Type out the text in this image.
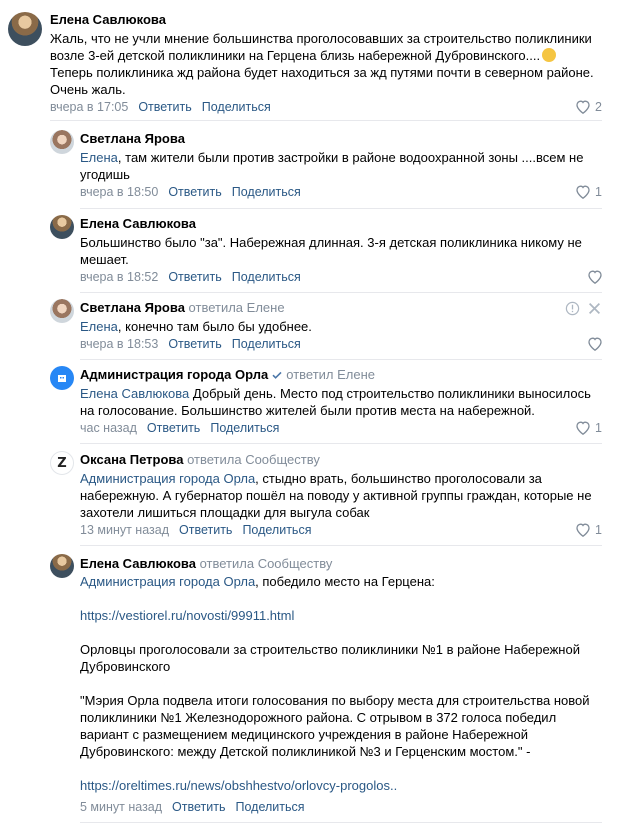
Елена Савлюкова
Жаль, что не учли мнение большинства проголосовавших за строительство поликлиники
возле 3-ей детской поликлиники на Герцена близь набережной Дубровинского....
Теперь поликлиника жд района будет находиться за жд путями почти в северном районе.
Очень жаль.
вчера в 17:05 Ответить Поделиться	2
Светлана Ярова
Елена, там жители были против застройки в районе водоохранной зоны ....всем не
угодишь
вчера в 18:50 Ответить Поделиться	1
Елена Савлюкова
Большинство было "за". Набережная длинная. 3-я детская поликлиника никому не
мешает.
вчера в 18:52 Ответить Поделиться
Светлана Ярова ответила Елене
Елена, конечно там было бы удобнее.
вчера в 18:53 Ответить Поделиться
Администрация города Орла ответил Елене
Елена Савлюкова Добрый день. Место под строительство поликлиники выносилось
на голосование. Большинство жителей были против места на набережной.
час назад Ответить Поделиться	1
Z Оксана Петрова ответила Сообществу
Администрация города Орла, стыдно врать, большинство проголосовали за
набережную. А губернатор пошёл на поводу у активной группы граждан, которые не
захотели лишиться площадки для выгула собак
13 минут назад Ответить Поделиться	1
Елена Савлюкова ответила Сообществу
Администрация города Орла, победило место на Герцена:
https://vestiorel.ru/novosti/99911.html
Орловцы проголосовали за строительство поликлиники №1 в районе Набережной
Дубровинского
"Мэрия Орла подвела итоги голосования по выбору места для строительства новой
поликлиники №1 Железнодорожного района. С отрывом в 372 голоса победил
вариант с размещением медицинского учреждения в районе Набережной
Дубровинского: между Детской поликлиникой №3 и Герценским мостом." -
https://oreltimes.ru/news/obshhestvo/orlovcy-progolos..
5 минут назад Ответить Поделиться
